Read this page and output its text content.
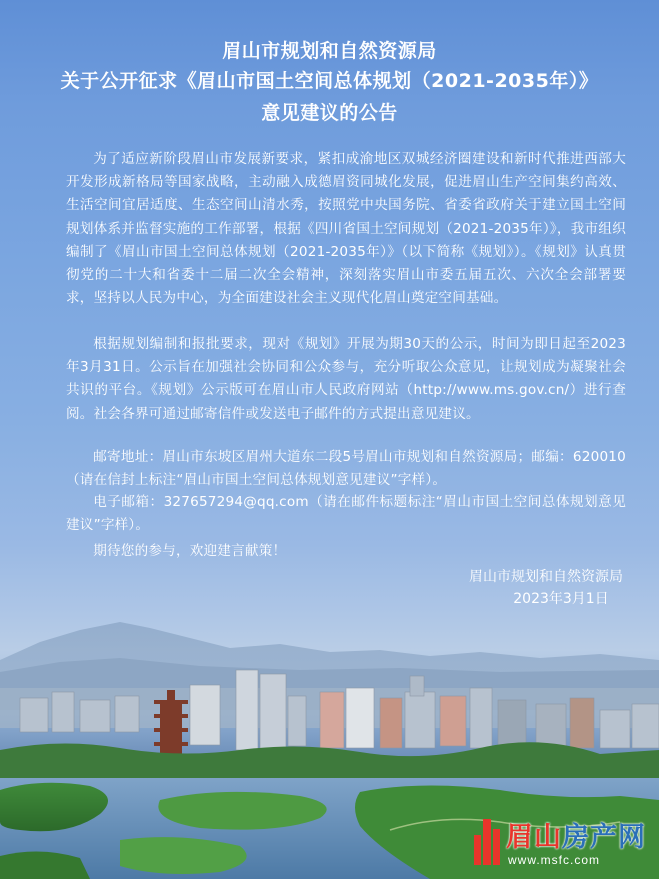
眉山市规划和自然资源局
关于公开征求《眉山市国土空间总体规划（2021-2035年）》
意见建议的公告
为了适应新阶段眉山市发展新要求，紧扣成渝地区双城经济圈建设和新时代推进西部大开发形成新格局等国家战略，主动融入成德眉资同城化发展，促进眉山生产空间集约高效、生活空间宜居适度、生态空间山清水秀，按照党中央国务院、省委省政府关于建立国土空间规划体系并监督实施的工作部署，根据《四川省国土空间规划（2021-2035年）》，我市组织编制了《眉山市国土空间总体规划（2021-2035年）》（以下简称《规划》）。《规划》认真贯彻党的二十大和省委十二届二次全会精神，深刻落实眉山市委五届五次、六次全会部署要求，坚持以人民为中心，为全面建设社会主义现代化眉山奠定空间基础。
根据规划编制和报批要求，现对《规划》开展为期30天的公示，时间为即日起至2023年3月31日。公示旨在加强社会协同和公众参与，充分听取公众意见，让规划成为凝聚社会共识的平台。《规划》公示版可在眉山市人民政府网站（http://www.ms.gov.cn/）进行查阅。社会各界可通过邮寄信件或发送电子邮件的方式提出意见建议。
邮寄地址：眉山市东坡区眉州大道东二段5号眉山市规划和自然资源局；邮编：620010（请在信封上标注“眉山市国土空间总体规划意见建议”字样）。
电子邮箱：327657294@qq.com（请在邮件标题标注“眉山市国土空间总体规划意见建议”字样）。
期待您的参与，欢迎建言献策！
眉山市规划和自然资源局
2023年3月1日
眉山房产网
www.msfc.com
